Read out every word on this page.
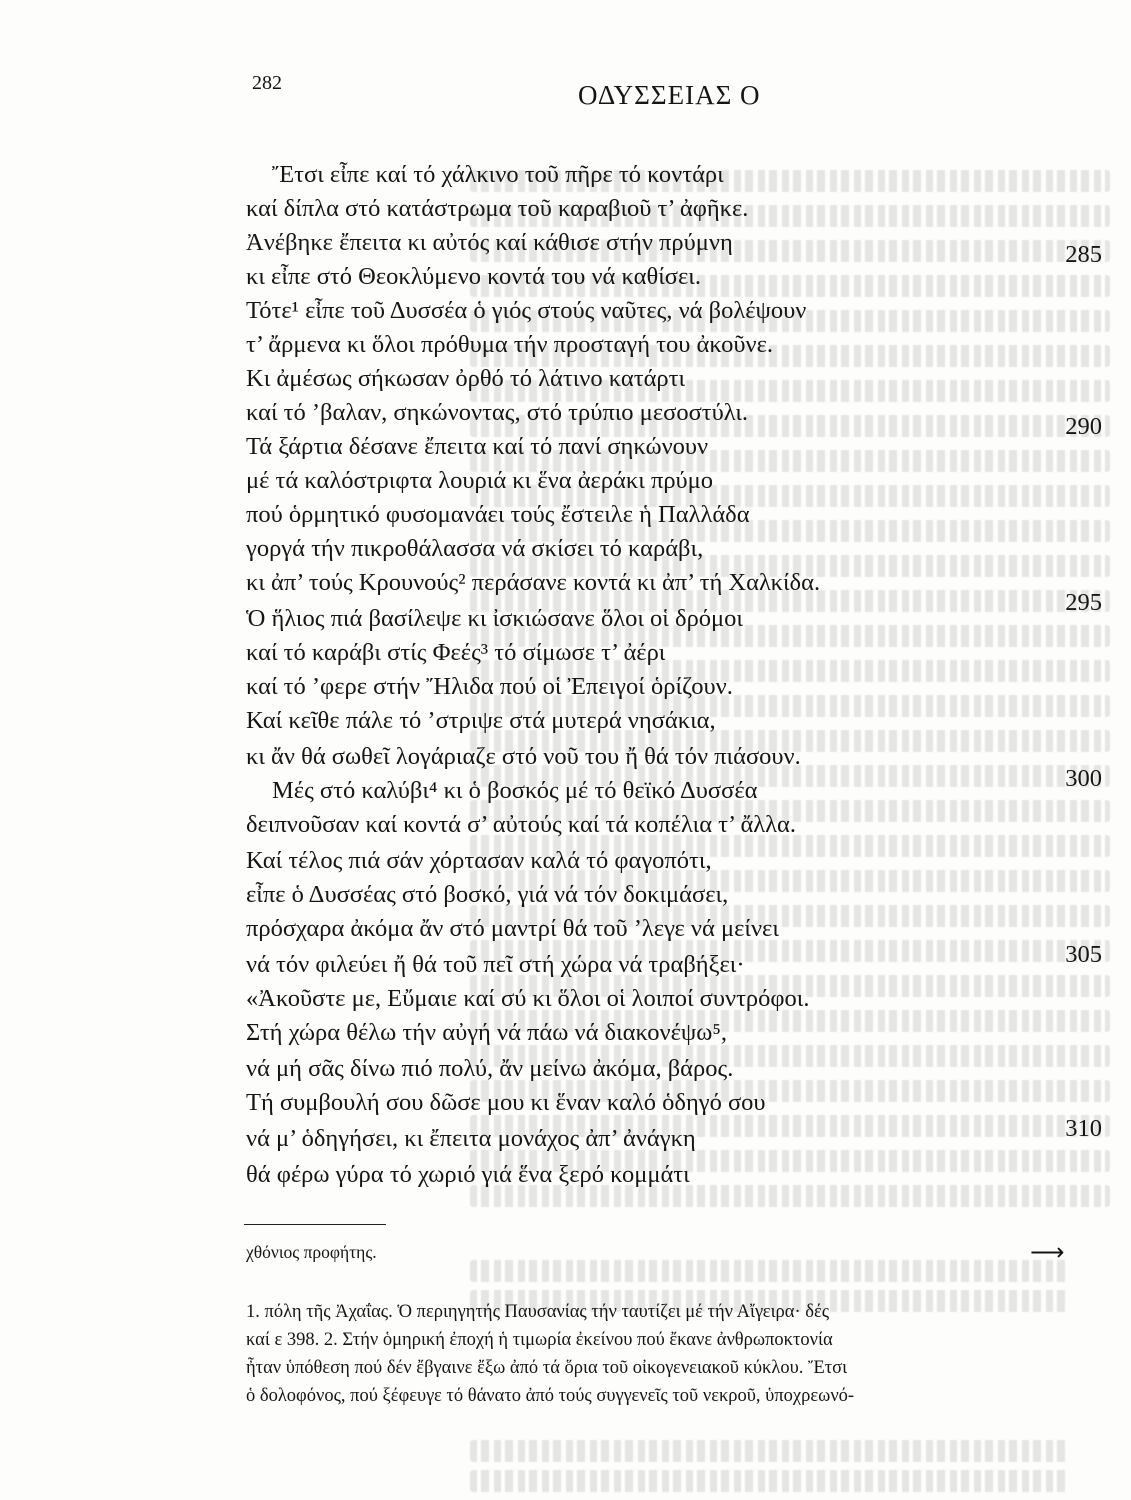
282	ΟΔΥΣΣΕΙΑΣ Ο
Ἔτσι εἶπε καί τό χάλκινο τοῦ πῆρε τό κοντάρι
καί δίπλα στό κατάστρωμα τοῦ καραβιοῦ τ’ ἀφῆκε.
Ἀνέβηκε ἔπειτα κι αὐτός καί κάθισε στήν πρύμνη	285
κι εἶπε στό Θεοκλύμενο κοντά του νά καθίσει.
Τότε¹ εἶπε τοῦ Δυσσέα ὁ γιός στούς ναῦτες, νά βολέψουν
τ’ ἄρμενα κι ὅλοι πρόθυμα τήν προσταγή του ἀκοῦνε.
Κι ἀμέσως σήκωσαν ὀρθό τό λάτινο κατάρτι
καί τό ’βαλαν, σηκώνοντας, στό τρύπιο μεσοστύλι.
290
Τά ξάρτια δέσανε ἔπειτα καί τό πανί σηκώνουν
μέ τά καλόστριφτα λουριά κι ἕνα ἀεράκι πρύμο
πού ὁρμητικό φυσομανάει τούς ἔστειλε ἡ Παλλάδα
γοργά τήν πικροθάλασσα νά σκίσει τό καράβι,
κι ἀπ’ τούς Κρουνούς² περάσανε κοντά κι ἀπ’ τή Χαλκίδα.
295
Ὁ ἥλιος πιά βασίλεψε κι ἰσκιώσανε ὅλοι οἱ δρόμοι
καί τό καράβι στίς Φεές³ τό σίμωσε τ’ ἀέρι
καί τό ’φερε στήν Ἤλιδα πού οἱ Ἐπειγοί ὁρίζουν.
Καί κεῖθε πάλε τό ’στριψε στά μυτερά νησάκια,
κι ἄν θά σωθεῖ λογάριαζε στό νοῦ του ἤ θά τόν πιάσουν.
300
Μές στό καλύβι⁴ κι ὁ βοσκός μέ τό θεϊκό Δυσσέα
δειπνοῦσαν καί κοντά σ’ αὐτούς καί τά κοπέλια τ’ ἄλλα.
Καί τέλος πιά σάν χόρτασαν καλά τό φαγοπότι,
εἶπε ὁ Δυσσέας στό βοσκό, γιά νά τόν δοκιμάσει,
πρόσχαρα ἀκόμα ἄν στό μαντρί θά τοῦ ’λεγε νά μείνει
305
νά τόν φιλεύει ἤ θά τοῦ πεῖ στή χώρα νά τραβήξει·
«Ἀκοῦστε με, Εὔμαιε καί σύ κι ὅλοι οἱ λοιποί συντρόφοι.
Στή χώρα θέλω τήν αὐγή νά πάω νά διακονέψω⁵,
νά μή σᾶς δίνω πιό πολύ, ἄν μείνω ἀκόμα, βάρος.
Τή συμβουλή σου δῶσε μου κι ἕναν καλό ὁδηγό σου
νά μ’ ὁδηγήσει, κι ἔπειτα μονάχος ἀπ’ ἀνάγκη	310
θά φέρω γύρα τό χωριό γιά ἕνα ξερό κομμάτι
χθόνιος προφήτης.	⟶
1. πόλη τῆς Ἀχαΐας. Ὁ περιηγητής Παυσανίας τήν ταυτίζει μέ τήν Αἴγειρα· δές
καί ε 398. 2. Στήν ὁμηρική ἐποχή ἡ τιμωρία ἐκείνου πού ἔκανε ἀνθρωποκτονία
ἦταν ὑπόθεση πού δέν ἔβγαινε ἔξω ἀπό τά ὅρια τοῦ οἰκογενειακοῦ κύκλου. Ἔτσι
ὁ δολοφόνος, πού ξέφευγε τό θάνατο ἀπό τούς συγγενεῖς τοῦ νεκροῦ, ὑποχρεωνό-
